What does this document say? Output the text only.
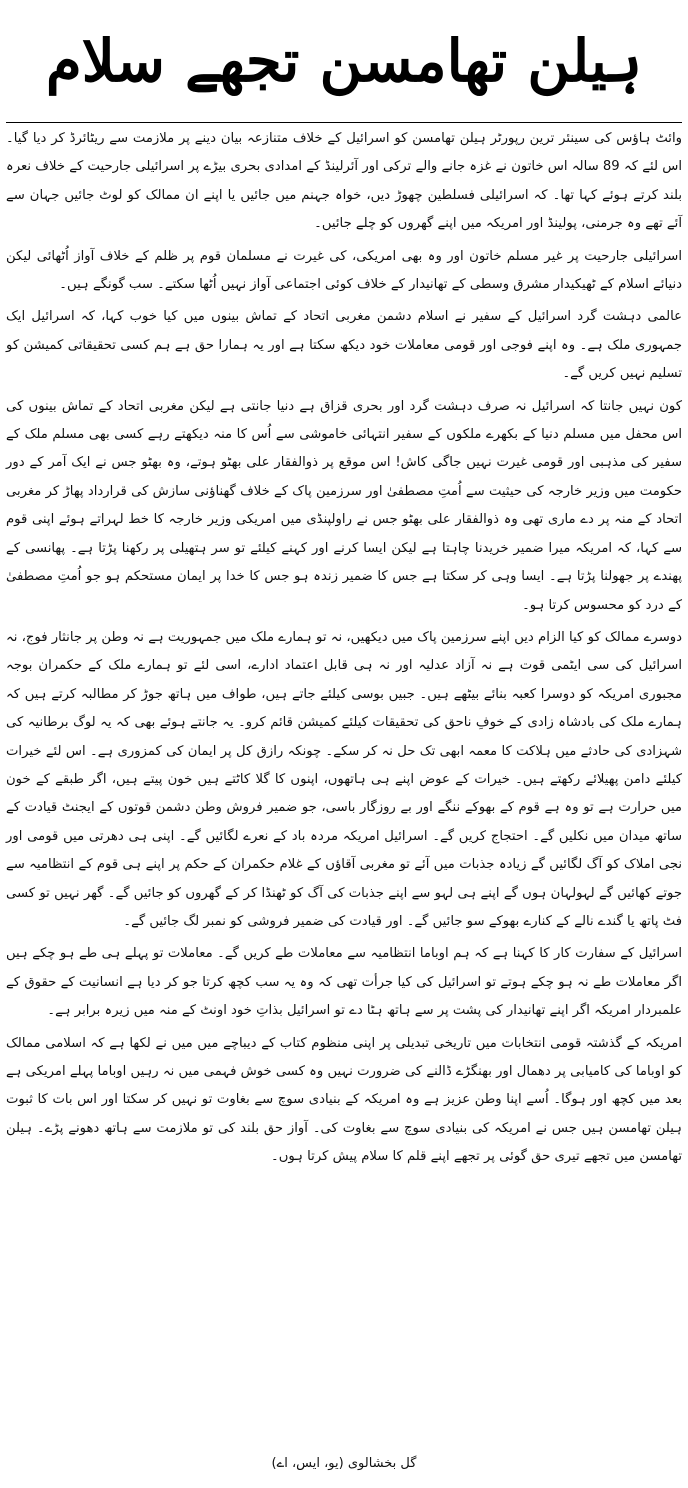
ہیلن تھامسن تجھے سلام

وائٹ ہاؤس کی سینئر ترین رپورٹر ہیلن تھامسن کو اسرائیل کے خلاف متنازعہ بیان دینے پر ملازمت سے ریٹائرڈ کر دیا گیا۔ اس لئے کہ 89 سالہ اس خاتون نے غزہ جانے والے ترکی اور آئرلینڈ کے امدادی بحری بیڑے پر اسرائیلی جارحیت کے خلاف نعرہ بلند کرتے ہوئے کہا تھا۔ کہ اسرائیلی فسلطین چھوڑ دیں، خواہ جہنم میں جائیں یا اپنے ان ممالک کو لوٹ جائیں جہان سے آئے تھے وہ جرمنی، پولینڈ اور امریکہ میں اپنے گھروں کو چلے جائیں۔

اسرائیلی جارحیت پر غیر مسلم خاتون اور وہ بھی امریکی، کی غیرت نے مسلمان قوم پر ظلم کے خلاف آواز اُٹھائی لیکن دنیائے اسلام کے ٹھیکیدار مشرق وسطی کے تھانیدار کے خلاف کوئی اجتماعی آواز نہیں اُٹھا سکتے۔ سب گونگے ہیں۔

عالمی دہشت گرد اسرائیل کے سفیر نے اسلام دشمن مغربی اتحاد کے تماش بینوں میں کیا خوب کہا، کہ اسرائیل ایک جمہوری ملک ہے۔ وہ اپنے فوجی اور قومی معاملات خود دیکھ سکتا ہے اور یہ ہمارا حق ہے ہم کسی تحقیقاتی کمیشن کو تسلیم نہیں کریں گے۔

کون نہیں جانتا کہ اسرائیل نہ صرف دہشت گرد اور بحری قزاق ہے دنیا جانتی ہے لیکن مغربی اتحاد کے تماش بینوں کی اس محفل میں مسلم دنیا کے بکھرے ملکوں کے سفیر انتہائی خاموشی سے اُس کا منہ دیکھتے رہے کسی بھی مسلم ملک کے سفیر کی مذہبی اور قومی غیرت نہیں جاگی کاش! اس موقع پر ذوالفقار علی بھٹو ہوتے، وہ بھٹو جس نے ایک آمر کے دور حکومت میں وزیر خارجہ کی حیثیت سے اُمتِ مصطفیٰ اور سرزمین پاک کے خلاف گھناؤنی سازش کی قرارداد پھاڑ کر مغربی اتحاد کے منہ پر دے ماری تھی وہ ذوالفقار علی بھٹو جس نے راولپنڈی میں امریکی وزیر خارجہ کا خط لہراتے ہوئے اپنی قوم سے کہا، کہ امریکہ میرا ضمیر خریدنا چاہتا ہے لیکن ایسا کرنے اور کہنے کیلئے تو سر ہتھیلی پر رکھنا پڑتا ہے۔ پھانسی کے پھندے پر جھولنا پڑتا ہے۔ ایسا وہی کر سکتا ہے جس کا ضمیر زندہ ہو جس کا خدا پر ایمان مستحکم ہو جو اُمتِ مصطفیٰ کے درد کو محسوس کرتا ہو۔

دوسرے ممالک کو کیا الزام دیں اپنے سرزمین پاک میں دیکھیں، نہ تو ہمارے ملک میں جمہوریت ہے نہ وطن پر جانثار فوج، نہ اسرائیل کی سی ایٹمی قوت ہے نہ آزاد عدلیہ اور نہ ہی قابل اعتماد ادارے، اسی لئے تو ہمارے ملک کے حکمران بوجہ مجبوری امریکہ کو دوسرا کعبہ بنائے بیٹھے ہیں۔ جبیں بوسی کیلئے جاتے ہیں، طواف میں ہاتھ جوڑ کر مطالبہ کرتے ہیں کہ ہمارے ملک کی بادشاہ زادی کے خوفِ ناحق کی تحقیقات کیلئے کمیشن قائم کرو۔ یہ جانتے ہوئے بھی کہ یہ لوگ برطانیہ کی شہزادی کی حادثے میں ہلاکت کا معمہ ابھی تک حل نہ کر سکے۔ چونکہ رازق کل پر ایمان کی کمزوری ہے۔ اس لئے خیرات کیلئے دامن پھیلائے رکھتے ہیں۔ خیرات کے عوض اپنے ہی ہاتھوں، اپنوں کا گلا کاٹتے ہیں خون پیتے ہیں، اگر طبقے کے خون میں حرارت ہے تو وہ ہے قوم کے بھوکے ننگے اور بے روزگار باسی، جو ضمیر فروش وطن دشمن قوتوں کے ایجنٹ قیادت کے ساتھ میدان میں نکلیں گے۔ احتجاج کریں گے۔ اسرائیل امریکہ مردہ باد کے نعرے لگائیں گے۔ اپنی ہی دھرتی میں قومی اور نجی املاک کو آگ لگائیں گے زیادہ جذبات میں آئے تو مغربی آقاؤں کے غلام حکمران کے حکم پر اپنے ہی قوم کے انتظامیہ سے جوتے کھائیں گے لہولہان ہوں گے اپنے ہی لہو سے اپنے جذبات کی آگ کو ٹھنڈا کر کے گھروں کو جائیں گے۔ گھر نہیں تو کسی فٹ پاتھ یا گندے نالے کے کنارے بھوکے سو جائیں گے۔ اور قیادت کی ضمیر فروشی کو نمبر لگ جائیں گے۔

اسرائیل کے سفارت کار کا کہنا ہے کہ ہم اوباما انتظامیہ سے معاملات طے کریں گے۔ معاملات تو پہلے ہی طے ہو چکے ہیں اگر معاملات طے نہ ہو چکے ہوتے تو اسرائیل کی کیا جرأت تھی کہ وہ یہ سب کچھ کرتا جو کر دیا ہے انسانیت کے حقوق کے علمبردار امریکہ اگر اپنے تھانیدار کی پشت پر سے ہاتھ ہٹا دے تو اسرائیل بذاتِ خود اونٹ کے منہ میں زیرہ برابر ہے۔

امریکہ کے گذشتہ قومی انتخابات میں تاریخی تبدیلی پر اپنی منظوم کتاب کے دیباچے میں میں نے لکھا ہے کہ اسلامی ممالک کو اوباما کی کامیابی پر دھمال اور بھنگڑے ڈالنے کی ضرورت نہیں وہ کسی خوش فہمی میں نہ رہیں اوباما پہلے امریکی ہے بعد میں کچھ اور ہوگا۔ اُسے اپنا وطن عزیز ہے وہ امریکہ کے بنیادی سوچ سے بغاوت تو نہیں کر سکتا اور اس بات کا ثبوت ہیلن تھامسن ہیں جس نے امریکہ کی بنیادی سوچ سے بغاوت کی۔ آواز حق بلند کی تو ملازمت سے ہاتھ دھونے پڑے۔ ہیلن تھامسن میں تجھے تیری حق گوئی پر تجھے اپنے قلم کا سلام پیش کرتا ہوں۔

گل بخشالوی (یو، ایس، اے)
